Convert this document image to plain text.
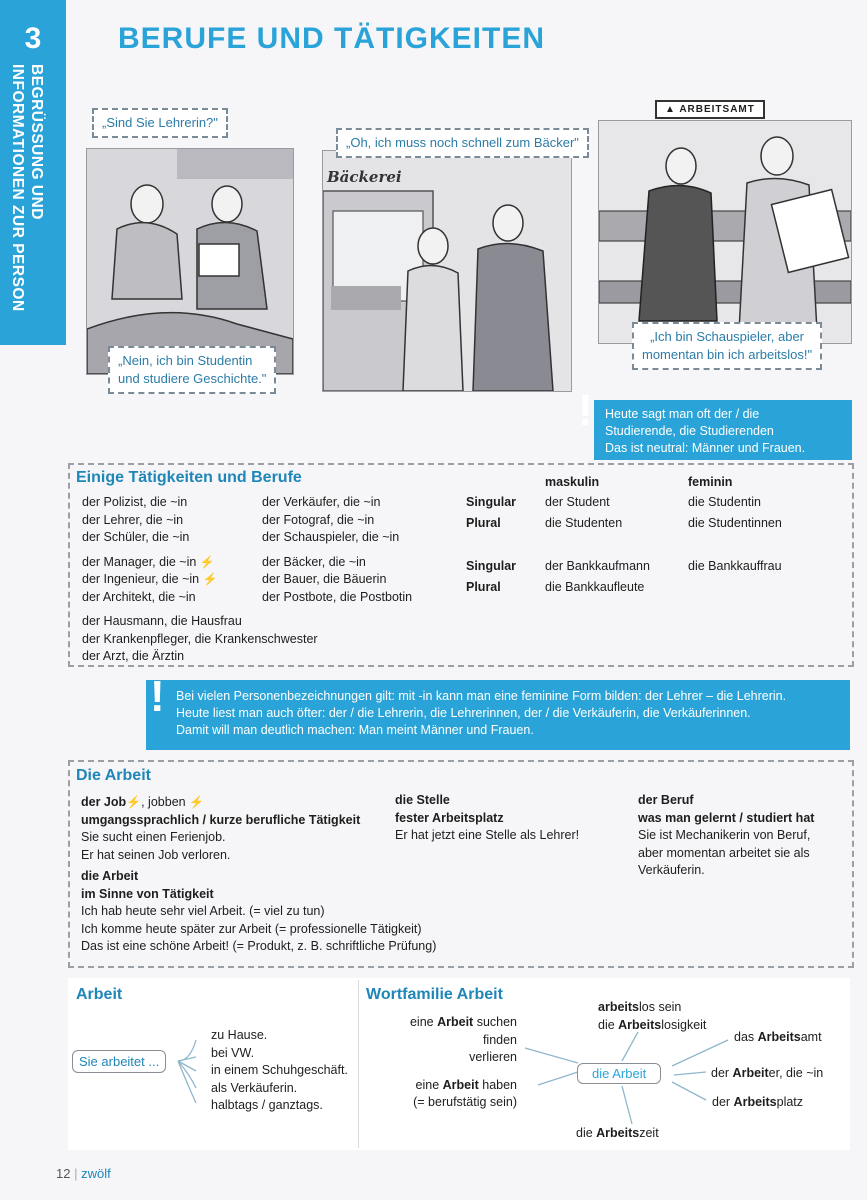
3
BEGRÜSSUNG UND
INFORMATIONEN ZUR PERSON
BERUFE UND TÄTIGKEITEN
„Sind Sie Lehrerin?"
„Nein, ich bin Studentin
und studiere Geschichte."
Bäckerei
„Oh, ich muss noch schnell zum Bäcker"
▲ ARBEITSAMT
„Ich bin Schauspieler, aber
momentan bin ich arbeitslos!"
! Heute sagt man oft der / die
Studierende, die Studierenden
Das ist neutral: Männer und Frauen.
Einige Tätigkeiten und Berufe
der Polizist, die ~in
der Lehrer, die ~in
der Schüler, die ~in
der Manager, die ~in ⚡
der Ingenieur, die ~in ⚡
der Architekt, die ~in
der Hausmann, die Hausfrau
der Krankenpfleger, die Krankenschwester
der Arzt, die Ärztin
der Verkäufer, die ~in
der Fotograf, die ~in
der Schauspieler, die ~in
der Bäcker, die ~in
der Bauer, die Bäuerin
der Postbote, die Postbotin
maskulin	feminin
Singular der Student	die Studentin
Plural	die Studenten	die Studentinnen
Singular der Bankkaufmann	die Bankkauffrau
Plural	die Bankkaufleute
! Bei vielen Personenbezeichnungen gilt: mit -in kann man eine feminine Form bilden: der Lehrer – die Lehrerin.
Heute liest man auch öfter: der / die Lehrerin, die Lehrerinnen, der / die Verkäuferin, die Verkäuferinnen.
Damit will man deutlich machen: Man meint Männer und Frauen.
Die Arbeit
der Job⚡, jobben ⚡
umgangssprachlich / kurze berufliche Tätigkeit
Sie sucht einen Ferienjob.
Er hat seinen Job verloren.
die Arbeit
im Sinne von Tätigkeit
Ich hab heute sehr viel Arbeit. (= viel zu tun)
Ich komme heute später zur Arbeit (= professionelle Tätigkeit)
Das ist eine schöne Arbeit! (= Produkt, z. B. schriftliche Prüfung)
die Stelle
fester Arbeitsplatz
Er hat jetzt eine Stelle als Lehrer!
der Beruf
was man gelernt / studiert hat
Sie ist Mechanikerin von Beruf,
aber momentan arbeitet sie als
Verkäuferin.
Arbeit
Sie arbeitet ...
zu Hause.
bei VW.
in einem Schuhgeschäft.
als Verkäuferin.
halbtags / ganztags.
Wortfamilie Arbeit
die Arbeit
eine Arbeit suchen
finden
verlieren
eine Arbeit haben
(= berufstätig sein)
arbeitslos sein
die Arbeitslosigkeit
das Arbeitsamt
der Arbeiter, die ~in
der Arbeitsplatz
die Arbeitszeit
12 | zwölf
